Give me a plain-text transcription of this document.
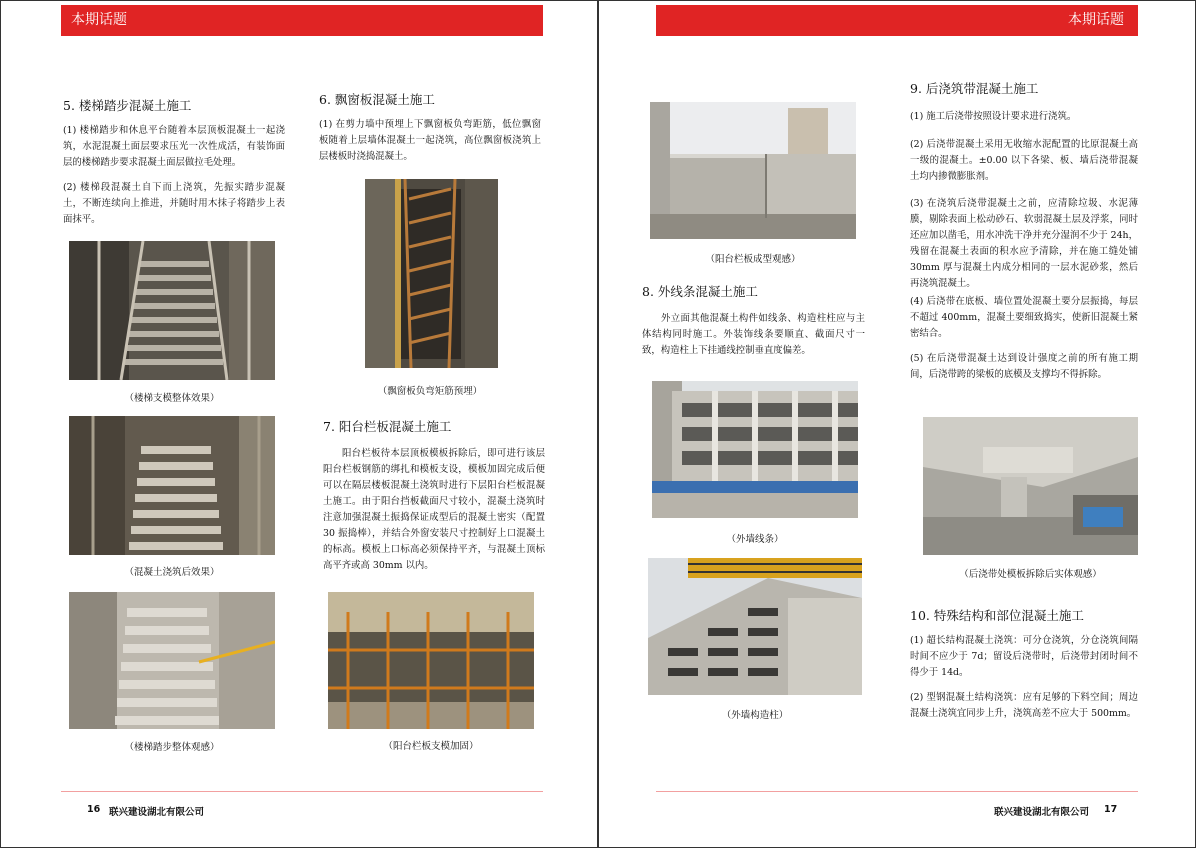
本期话题
5. 楼梯踏步混凝土施工
(1) 楼梯踏步和休息平台随着本层顶板混凝土一起浇筑，水泥混凝土面层要求压光一次性成活，有装饰面层的楼梯踏步要求混凝土面层做拉毛处理。
(2) 楼梯段混凝土自下而上浇筑，先振实踏步混凝土，不断连续向上推进，并随时用木抹子将踏步上表面抹平。
（楼梯支模整体效果）
（混凝土浇筑后效果）
（楼梯踏步整体观感）
6. 飘窗板混凝土施工
(1) 在剪力墙中预埋上下飘窗板负弯距筋，低位飘窗板随着上层墙体混凝土一起浇筑，高位飘窗板浇筑上层楼板时浇捣混凝土。
（飘窗板负弯矩筋预埋）
7. 阳台栏板混凝土施工
阳台栏板待本层顶板模板拆除后，即可进行该层阳台栏板钢筋的绑扎和模板支设，模板加固完成后便可以在隔层楼板混凝土浇筑时进行下层阳台栏板混凝土施工。由于阳台挡板截面尺寸较小，混凝土浇筑时注意加强混凝土振捣保证成型后的混凝土密实（配置 30 振捣棒），并结合外窗安装尺寸控制好上口混凝土的标高。模板上口标高必须保持平齐，与混凝土顶标高平齐或高 30mm 以内。
（阳台栏板支模加固）
16 联兴建设湖北有限公司
本期话题
（阳台栏板成型观感）
8. 外线条混凝土施工
外立面其他混凝土构件如线条、构造柱柱应与主体结构同时施工。外装饰线条要顺直、截面尺寸一致，构造柱上下挂通线控制垂直度偏差。
（外墙线条）
（外墙构造柱）
9. 后浇筑带混凝土施工
(1) 施工后浇带按照设计要求进行浇筑。
(2) 后浇带混凝土采用无收缩水泥配置的比原混凝土高一级的混凝土。±0.00 以下各梁、板、墙后浇带混凝土均内掺微膨胀剂。
(3) 在浇筑后浇带混凝土之前，应清除垃圾、水泥薄膜，剔除表面上松动砂石、软弱混凝土层及浮浆，同时还应加以凿毛，用水冲洗干净并充分湿润不少于 24h，残留在混凝土表面的积水应予清除，并在施工缝处铺 30mm 厚与混凝土内成分相同的一层水泥砂浆，然后再浇筑混凝土。
(4) 后浇带在底板、墙位置处混凝土要分层振捣，每层不超过 400mm，混凝土要细致捣实，使新旧混凝土紧密结合。
(5) 在后浇带混凝土达到设计强度之前的所有施工期间，后浇带跨的梁板的底模及支撑均不得拆除。
（后浇带处模板拆除后实体观感）
10. 特殊结构和部位混凝土施工
(1) 超长结构混凝土浇筑：可分仓浇筑，分仓浇筑间隔时间不应少于 7d；留设后浇带时，后浇带封闭时间不得少于 14d。
(2) 型钢混凝土结构浇筑：应有足够的下料空间；周边混凝土浇筑宜同步上升，浇筑高差不应大于 500mm。
联兴建设湖北有限公司 17
